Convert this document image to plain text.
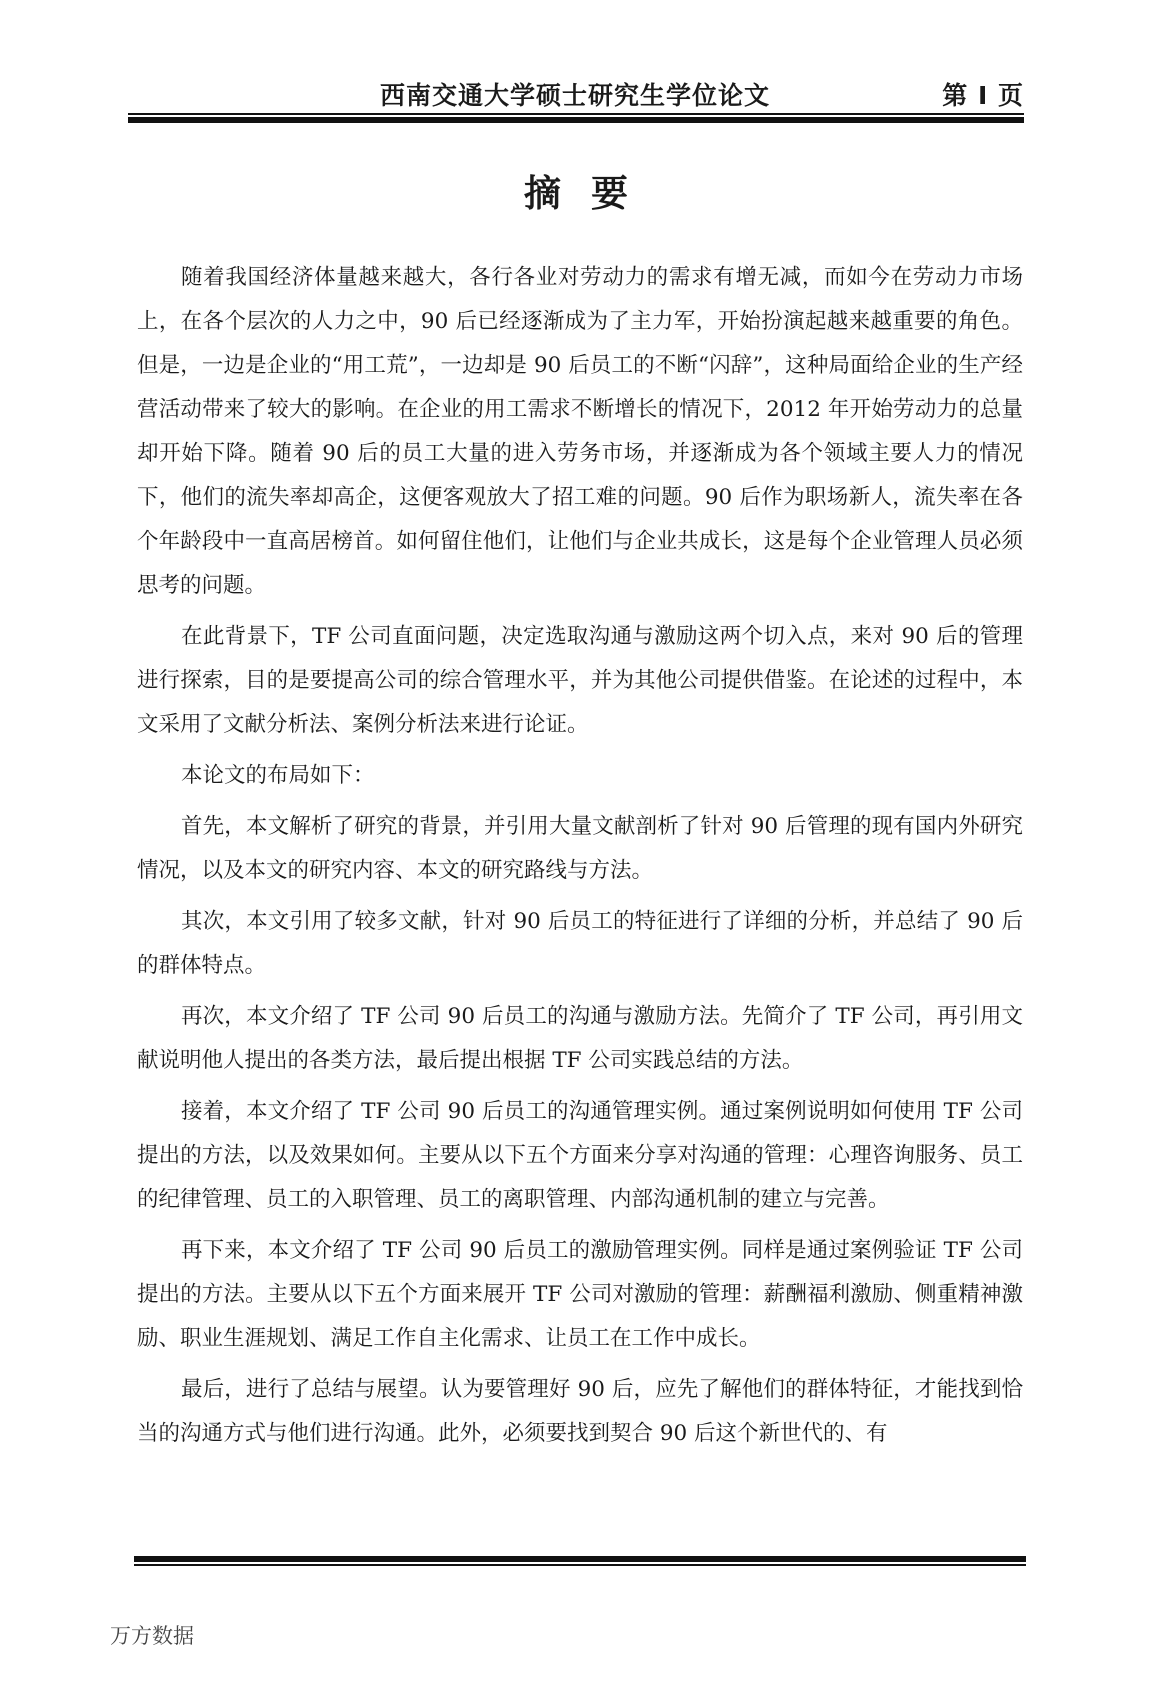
西南交通大学硕士研究生学位论文	第 I 页
摘要

随着我国经济体量越来越大，各行各业对劳动力的需求有增无减，而如今在劳动力市场上，在各个层次的人力之中，90 后已经逐渐成为了主力军，开始扮演起越来越重要的角色。但是，一边是企业的“用工荒”，一边却是 90 后员工的不断“闪辞”，这种局面给企业的生产经营活动带来了较大的影响。在企业的用工需求不断增长的情况下，2012 年开始劳动力的总量却开始下降。随着 90 后的员工大量的进入劳务市场，并逐渐成为各个领域主要人力的情况下，他们的流失率却高企，这便客观放大了招工难的问题。90 后作为职场新人，流失率在各个年龄段中一直高居榜首。如何留住他们，让他们与企业共成长，这是每个企业管理人员必须思考的问题。

在此背景下，TF 公司直面问题，决定选取沟通与激励这两个切入点，来对 90 后的管理进行探索，目的是要提高公司的综合管理水平，并为其他公司提供借鉴。在论述的过程中，本文采用了文献分析法、案例分析法来进行论证。

本论文的布局如下：

首先，本文解析了研究的背景，并引用大量文献剖析了针对 90 后管理的现有国内外研究情况，以及本文的研究内容、本文的研究路线与方法。

其次，本文引用了较多文献，针对 90 后员工的特征进行了详细的分析，并总结了 90 后的群体特点。

再次，本文介绍了 TF 公司 90 后员工的沟通与激励方法。先简介了 TF 公司，再引用文献说明他人提出的各类方法，最后提出根据 TF 公司实践总结的方法。

接着，本文介绍了 TF 公司 90 后员工的沟通管理实例。通过案例说明如何使用 TF 公司提出的方法，以及效果如何。主要从以下五个方面来分享对沟通的管理：心理咨询服务、员工的纪律管理、员工的入职管理、员工的离职管理、内部沟通机制的建立与完善。

再下来，本文介绍了 TF 公司 90 后员工的激励管理实例。同样是通过案例验证 TF 公司提出的方法。主要从以下五个方面来展开 TF 公司对激励的管理：薪酬福利激励、侧重精神激励、职业生涯规划、满足工作自主化需求、让员工在工作中成长。

最后，进行了总结与展望。认为要管理好 90 后，应先了解他们的群体特征，才能找到恰当的沟通方式与他们进行沟通。此外，必须要找到契合 90 后这个新世代的、有

万方数据
